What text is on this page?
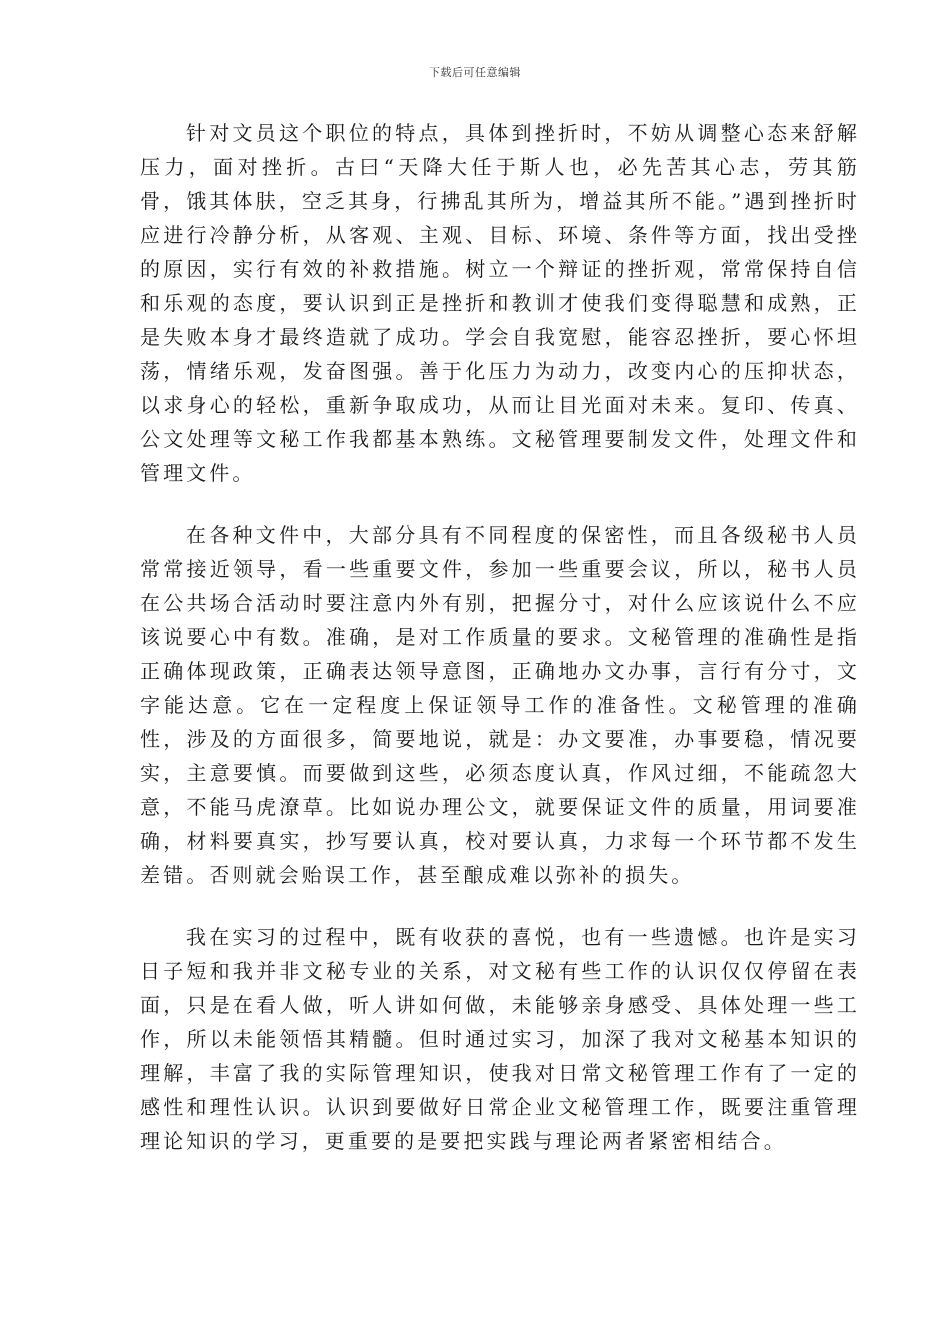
下载后可任意编辑

针对文员这个职位的特点，具体到挫折时，不妨从调整心态来舒解压力，面对挫折。古曰“天降大任于斯人也，必先苦其心志，劳其筋骨，饿其体肤，空乏其身，行拂乱其所为，增益其所不能。”遇到挫折时应进行冷静分析，从客观、主观、目标、环境、条件等方面，找出受挫的原因，实行有效的补救措施。树立一个辩证的挫折观，常常保持自信和乐观的态度，要认识到正是挫折和教训才使我们变得聪慧和成熟，正是失败本身才最终造就了成功。学会自我宽慰，能容忍挫折，要心怀坦荡，情绪乐观，发奋图强。善于化压力为动力，改变内心的压抑状态，以求身心的轻松，重新争取成功，从而让目光面对未来。复印、传真、公文处理等文秘工作我都基本熟练。文秘管理要制发文件，处理文件和管理文件。

在各种文件中，大部分具有不同程度的保密性，而且各级秘书人员常常接近领导，看一些重要文件，参加一些重要会议，所以，秘书人员在公共场合活动时要注意内外有别，把握分寸，对什么应该说什么不应该说要心中有数。准确，是对工作质量的要求。文秘管理的准确性是指正确体现政策，正确表达领导意图，正确地办文办事，言行有分寸，文字能达意。它在一定程度上保证领导工作的准备性。文秘管理的准确性，涉及的方面很多，简要地说，就是：办文要准，办事要稳，情况要实，主意要慎。而要做到这些，必须态度认真，作风过细，不能疏忽大意，不能马虎潦草。比如说办理公文，就要保证文件的质量，用词要准确，材料要真实，抄写要认真，校对要认真，力求每一个环节都不发生差错。否则就会贻误工作，甚至酿成难以弥补的损失。

我在实习的过程中，既有收获的喜悦，也有一些遗憾。也许是实习日子短和我并非文秘专业的关系，对文秘有些工作的认识仅仅停留在表面，只是在看人做，听人讲如何做，未能够亲身感受、具体处理一些工作，所以未能领悟其精髓。但时通过实习，加深了我对文秘基本知识的理解，丰富了我的实际管理知识，使我对日常文秘管理工作有了一定的感性和理性认识。认识到要做好日常企业文秘管理工作，既要注重管理理论知识的学习，更重要的是要把实践与理论两者紧密相结合。
